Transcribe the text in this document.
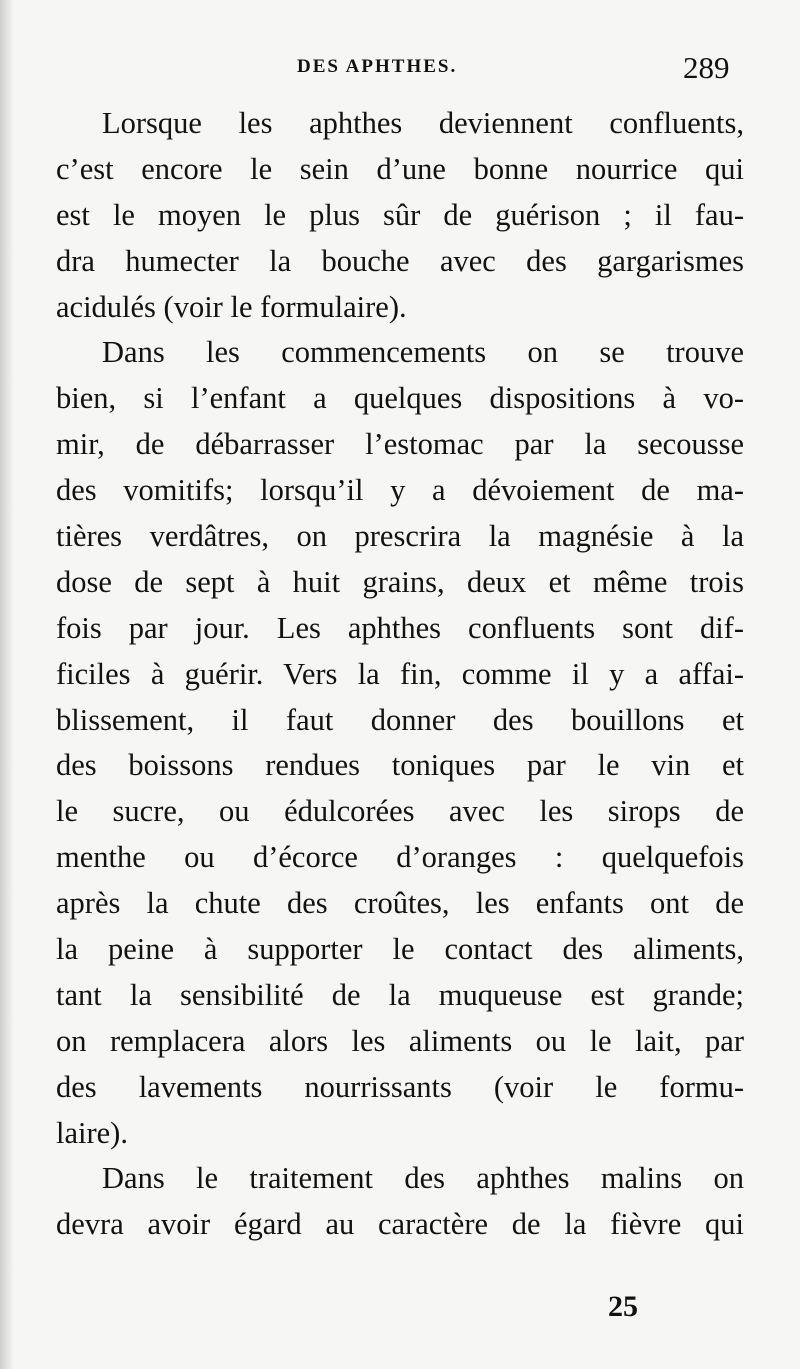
DES APHTHES.	289
Lorsque les aphthes deviennent confluents,
c’est encore le sein d’une bonne nourrice qui
est le moyen le plus sûr de guérison ; il fau-
dra humecter la bouche avec des gargarismes
acidulés (voir le formulaire).
Dans les commencements on se trouve
bien, si l’enfant a quelques dispositions à vo-
mir, de débarrasser l’estomac par la secousse
des vomitifs; lorsqu’il y a dévoiement de ma-
tières verdâtres, on prescrira la magnésie à la
dose de sept à huit grains, deux et même trois
fois par jour. Les aphthes confluents sont dif-
ficiles à guérir. Vers la fin, comme il y a affai-
blissement, il faut donner des bouillons et
des boissons rendues toniques par le vin et
le sucre, ou édulcorées avec les sirops de
menthe ou d’écorce d’oranges : quelquefois
après la chute des croûtes, les enfants ont de
la peine à supporter le contact des aliments,
tant la sensibilité de la muqueuse est grande;
on remplacera alors les aliments ou le lait, par
des lavements nourrissants (voir le formu-
laire).
Dans le traitement des aphthes malins on
devra avoir égard au caractère de la fièvre qui
25
